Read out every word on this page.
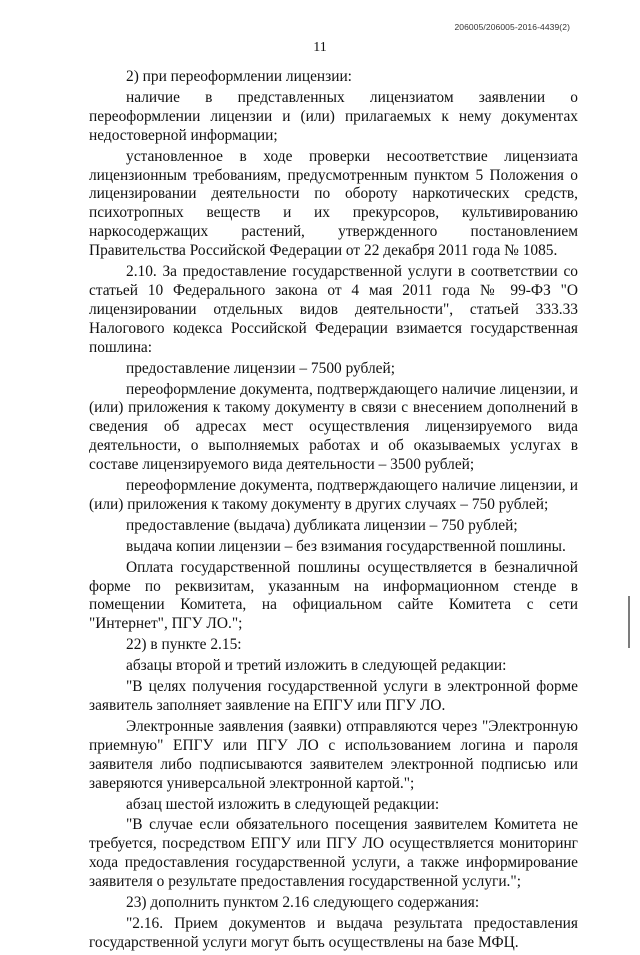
206005/206005-2016-4439(2)
11

2) при переоформлении лицензии:

наличие в представленных лицензиатом заявлении о переоформлении лицензии и (или) прилагаемых к нему документах недостоверной информации;

установленное в ходе проверки несоответствие лицензиата лицензионным требованиям, предусмотренным пунктом 5 Положения о лицензировании деятельности по обороту наркотических средств, психотропных веществ и их прекурсоров, культивированию наркосодержащих растений, утвержденного постановлением Правительства Российской Федерации от 22 декабря 2011 года № 1085.

2.10. За предоставление государственной услуги в соответствии со статьей 10 Федерального закона от 4 мая 2011 года № 99-ФЗ "О лицензировании отдельных видов деятельности", статьей 333.33 Налогового кодекса Российской Федерации взимается государственная пошлина:

предоставление лицензии – 7500 рублей;

переоформление документа, подтверждающего наличие лицензии, и (или) приложения к такому документу в связи с внесением дополнений в сведения об адресах мест осуществления лицензируемого вида деятельности, о выполняемых работах и об оказываемых услугах в составе лицензируемого вида деятельности – 3500 рублей;

переоформление документа, подтверждающего наличие лицензии, и (или) приложения к такому документу в других случаях – 750 рублей;

предоставление (выдача) дубликата лицензии – 750 рублей;

выдача копии лицензии – без взимания государственной пошлины.

Оплата государственной пошлины осуществляется в безналичной форме по реквизитам, указанным на информационном стенде в помещении Комитета, на официальном сайте Комитета с сети "Интернет", ПГУ ЛО.";

22) в пункте 2.15:

абзацы второй и третий изложить в следующей редакции:

"В целях получения государственной услуги в электронной форме заявитель заполняет заявление на ЕПГУ или ПГУ ЛО.

Электронные заявления (заявки) отправляются через "Электронную приемную" ЕПГУ или ПГУ ЛО с использованием логина и пароля заявителя либо подписываются заявителем электронной подписью или заверяются универсальной электронной картой.";

абзац шестой изложить в следующей редакции:

"В случае если обязательного посещения заявителем Комитета не требуется, посредством ЕПГУ или ПГУ ЛО осуществляется мониторинг хода предоставления государственной услуги, а также информирование заявителя о результате предоставления государственной услуги.";

23) дополнить пунктом 2.16 следующего содержания:

"2.16. Прием документов и выдача результата предоставления государственной услуги могут быть осуществлены на базе МФЦ.
